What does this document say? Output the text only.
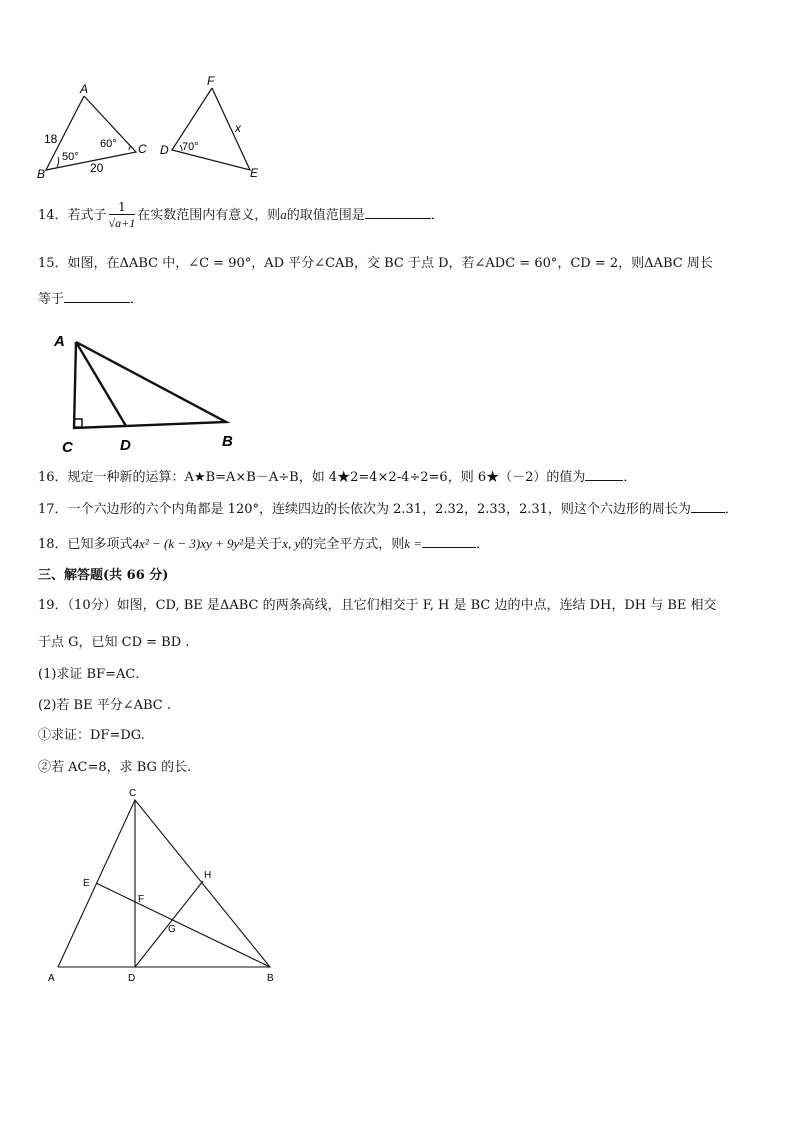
A
B
C D
E
F
18
20
50°
60°	70°
x
14．若式子 $\frac{1}{√a+1}$ 在实数范围内有意义，则a的取值范围是	．
15．如图，在ΔABC 中，∠C = 90°，AD 平分∠CAB，交 BC 于点 D，若∠ADC = 60°，CD = 2，则ΔABC 周长
等于	．
A
C	D	B
16．规定一种新的运算：A★B=A×B－A÷B，如 4★2=4×2-4÷2=6，则 6★（－2）的值为	．
17．一个六边形的六个内角都是 120°，连续四边的长依次为 2.31，2.32，2.33，2.31，则这个六边形的周长为	．
18．已知多项式4x² − (k − 3)xy + 9y²是关于x, y的完全平方式，则k =	．
三、解答题(共 66 分)
19．（10分）如图，CD, BE 是ΔABC 的两条高线，且它们相交于 F, H 是 BC 边的中点，连结 DH，DH 与 BE 相交
于点 G，已知 CD = BD .
(1)求证 BF=AC．
(2)若 BE 平分∠ABC .
①求证：DF=DG.
②若 AC=8，求 BG 的长.
C
E
F
G
H
A	D	B
